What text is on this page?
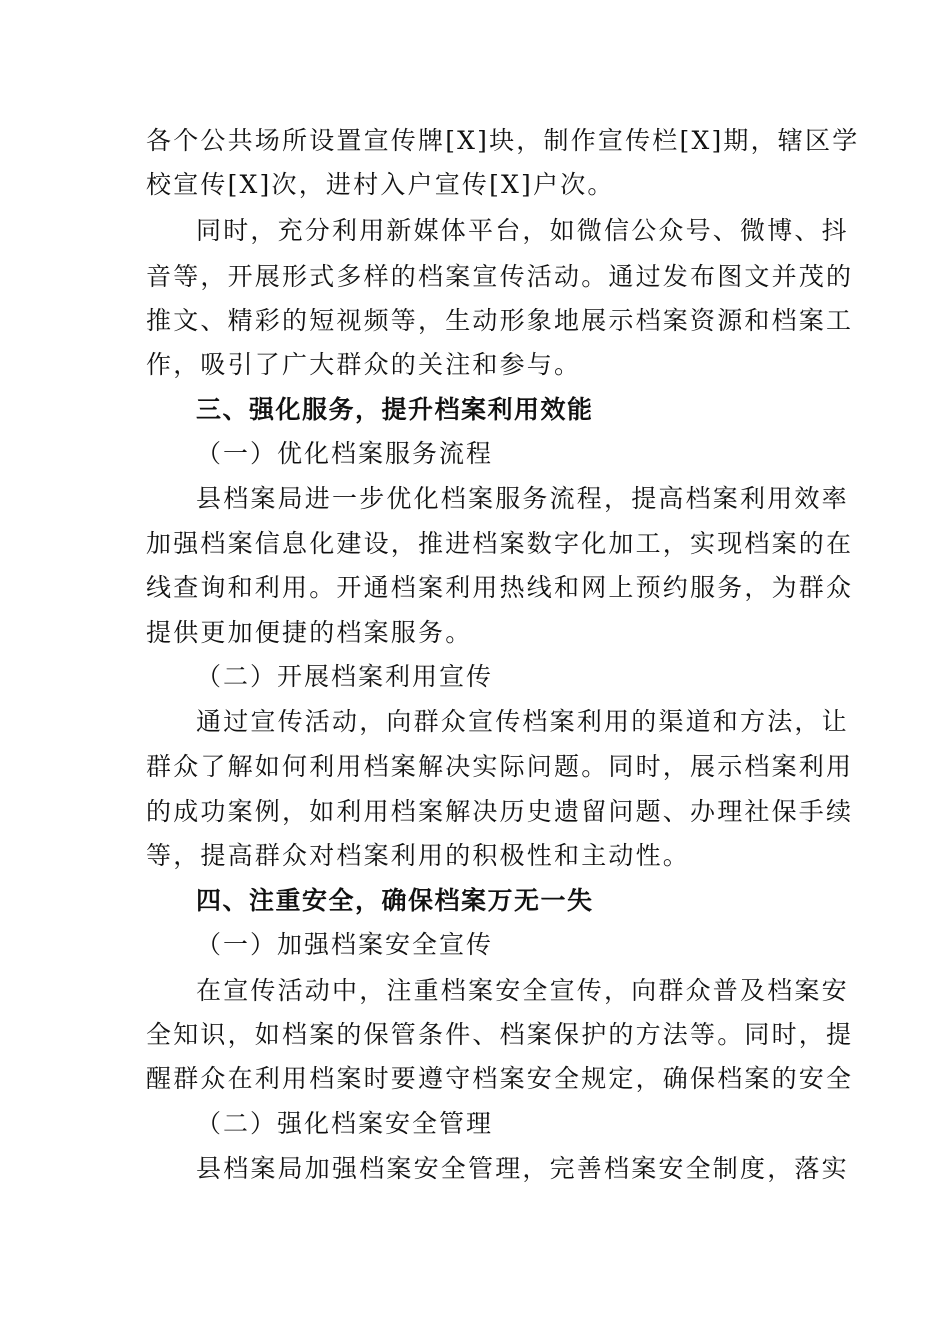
各个公共场所设置宣传牌[X]块，制作宣传栏[X]期，辖区学
校宣传[X]次，进村入户宣传[X]户次。
同时，充分利用新媒体平台，如微信公众号、微博、抖
音等，开展形式多样的档案宣传活动。通过发布图文并茂的
推文、精彩的短视频等，生动形象地展示档案资源和档案工
作，吸引了广大群众的关注和参与。
三、强化服务，提升档案利用效能
（一）优化档案服务流程
县档案局进一步优化档案服务流程，提高档案利用效率
加强档案信息化建设，推进档案数字化加工，实现档案的在
线查询和利用。开通档案利用热线和网上预约服务，为群众
提供更加便捷的档案服务。
（二）开展档案利用宣传
通过宣传活动，向群众宣传档案利用的渠道和方法，让
群众了解如何利用档案解决实际问题。同时，展示档案利用
的成功案例，如利用档案解决历史遗留问题、办理社保手续
等，提高群众对档案利用的积极性和主动性。
四、注重安全，确保档案万无一失
（一）加强档案安全宣传
在宣传活动中，注重档案安全宣传，向群众普及档案安
全知识，如档案的保管条件、档案保护的方法等。同时，提
醒群众在利用档案时要遵守档案安全规定，确保档案的安全
（二）强化档案安全管理
县档案局加强档案安全管理，完善档案安全制度，落实
